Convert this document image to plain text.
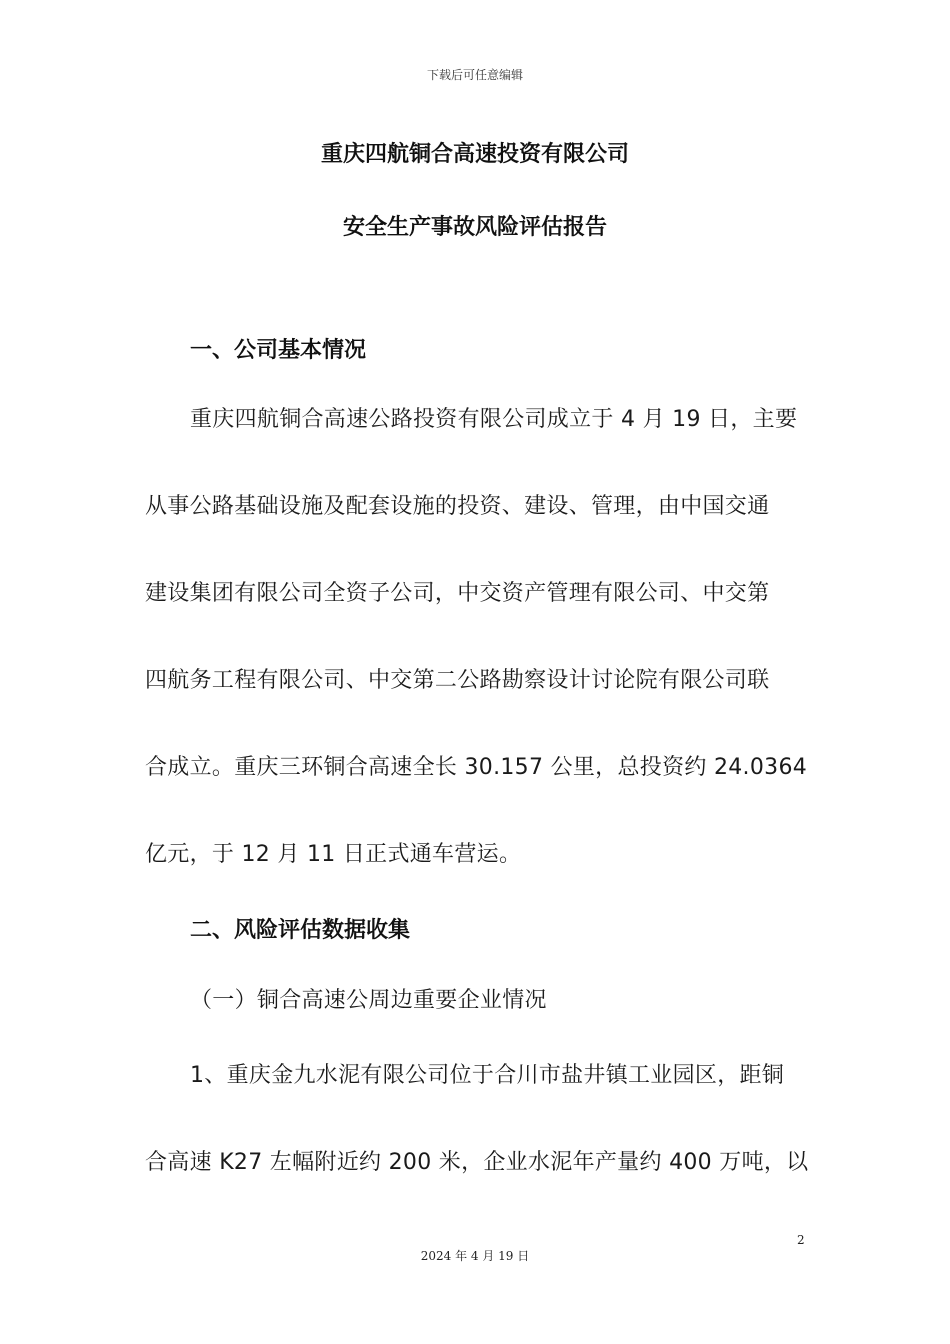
下载后可任意编辑
重庆四航铜合高速投资有限公司
安全生产事故风险评估报告
一、公司基本情况
重庆四航铜合高速公路投资有限公司成立于 4 月 19 日，主要
从事公路基础设施及配套设施的投资、建设、管理，由中国交通
建设集团有限公司全资子公司，中交资产管理有限公司、中交第
四航务工程有限公司、中交第二公路勘察设计讨论院有限公司联
合成立。重庆三环铜合高速全长 30.157 公里，总投资约 24.0364
亿元，于 12 月 11 日正式通车营运。
二、风险评估数据收集
（一）铜合高速公周边重要企业情况
1、重庆金九水泥有限公司位于合川市盐井镇工业园区，距铜
合高速 K27 左幅附近约 200 米，企业水泥年产量约 400 万吨，以
2
2024 年 4 月 19 日
